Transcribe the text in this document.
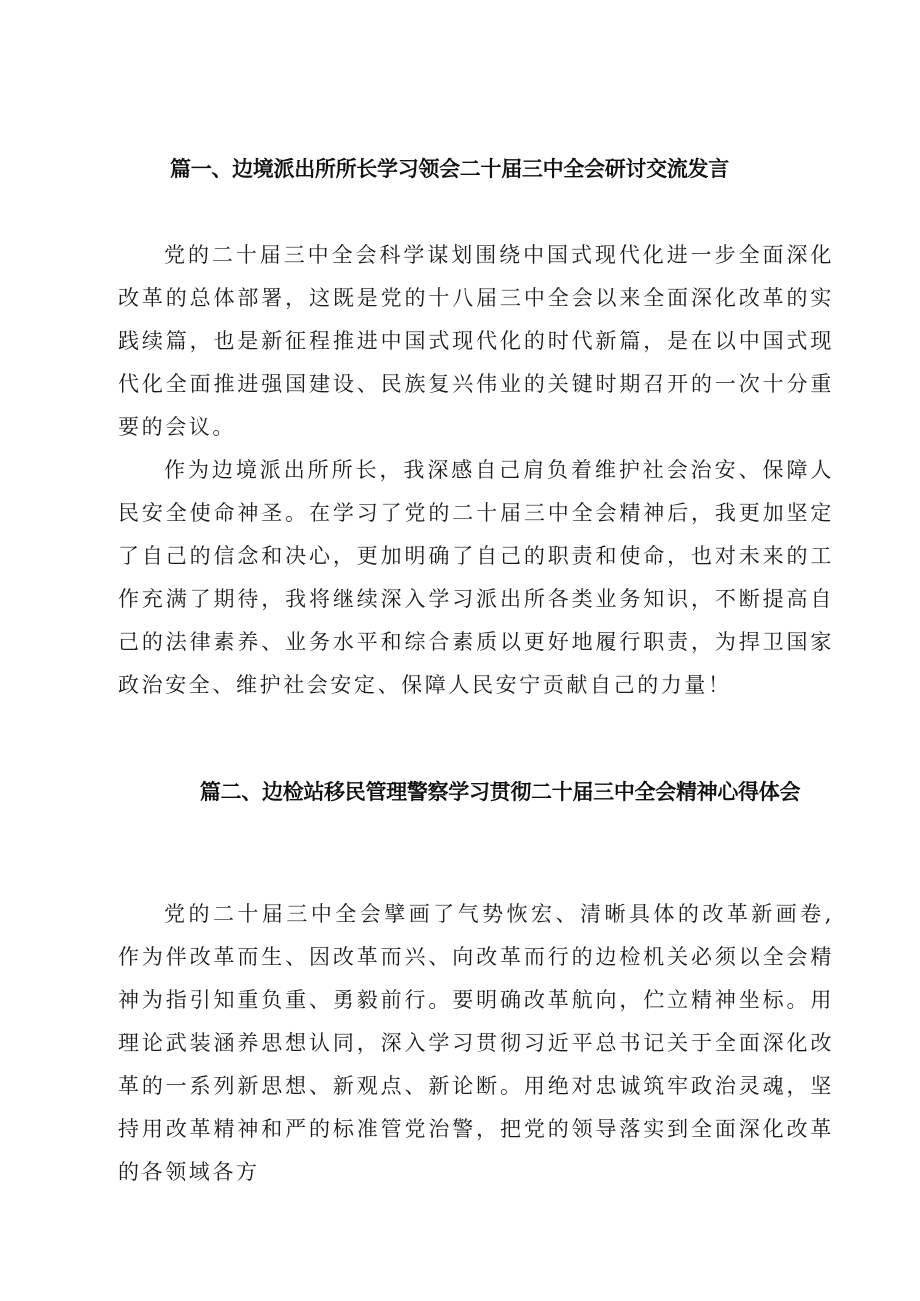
篇一、边境派出所所长学习领会二十届三中全会研讨交流发言

党的二十届三中全会科学谋划围绕中国式现代化进一步全面深化改革的总体部署，这既是党的十八届三中全会以来全面深化改革的实践续篇，也是新征程推进中国式现代化的时代新篇，是在以中国式现代化全面推进强国建设、民族复兴伟业的关键时期召开的一次十分重要的会议。

作为边境派出所所长，我深感自己肩负着维护社会治安、保障人民安全使命神圣。在学习了党的二十届三中全会精神后，我更加坚定了自己的信念和决心，更加明确了自己的职责和使命，也对未来的工作充满了期待，我将继续深入学习派出所各类业务知识，不断提高自己的法律素养、业务水平和综合素质以更好地履行职责，为捍卫国家政治安全、维护社会安定、保障人民安宁贡献自己的力量！

篇二、边检站移民管理警察学习贯彻二十届三中全会精神心得体会

党的二十届三中全会擘画了气势恢宏、清晰具体的改革新画卷,作为伴改革而生、因改革而兴、向改革而行的边检机关必须以全会精神为指引知重负重、勇毅前行。要明确改革航向，伫立精神坐标。用理论武装涵养思想认同，深入学习贯彻习近平总书记关于全面深化改革的一系列新思想、新观点、新论断。用绝对忠诚筑牢政治灵魂，坚持用改革精神和严的标准管党治警，把党的领导落实到全面深化改革的各领域各方
